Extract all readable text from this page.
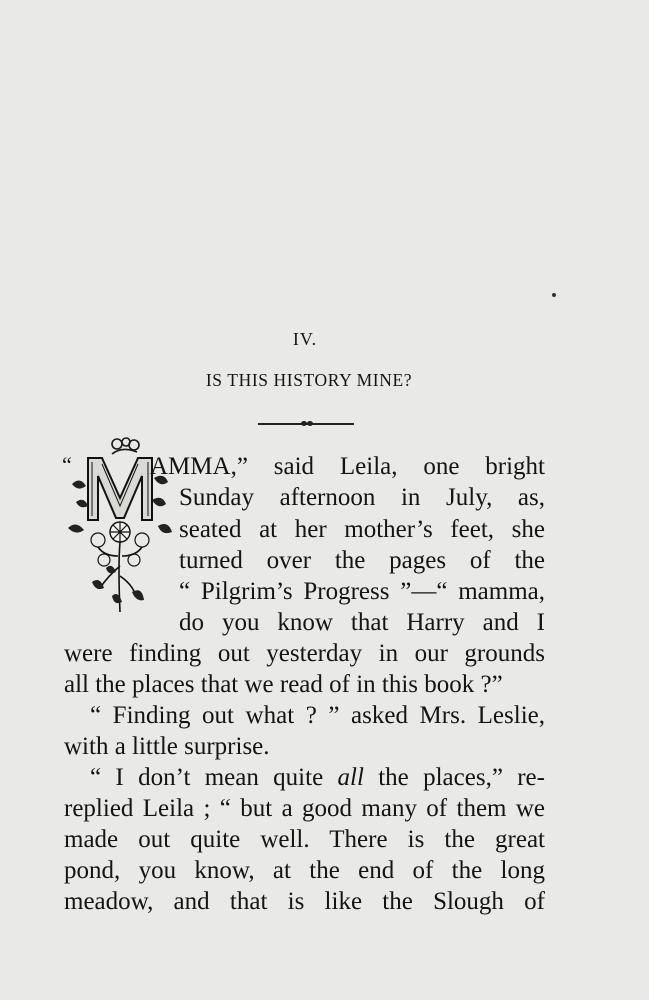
IV.
IS THIS HISTORY MINE?
“	AMMA,” said Leila, one bright
Sunday afternoon in July, as,
seated at her mother’s feet, she
turned over the pages of the
“ Pilgrim’s Progress ”—“ mamma,
do you know that Harry and I
were finding out yesterday in our grounds
all the places that we read of in this book ?”
“ Finding out what ? ” asked Mrs. Leslie,
with a little surprise.
“ I don’t mean quite all the places,” re-
replied Leila ; “ but a good many of them we
made out quite well. There is the great
pond, you know, at the end of the long
meadow, and that is like the Slough of
